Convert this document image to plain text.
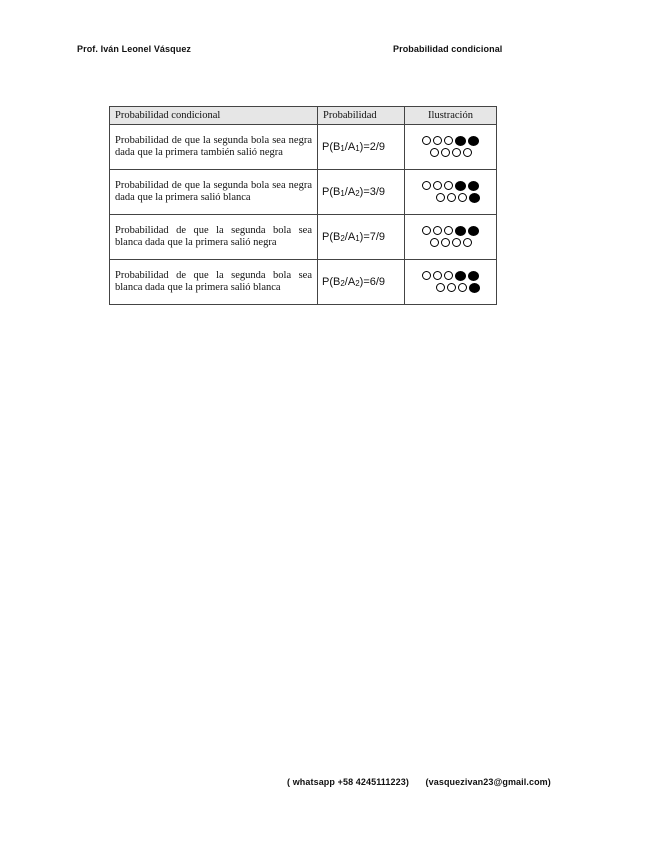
Prof. Iván Leonel Vásquez	Probabilidad condicional
Probabilidad condicional	Probabilidad	Ilustración
Probabilidad de que la segunda bola sea negra dada que la primera también salió negra	$P(B_1/A_1)=2/9$	

Probabilidad de que la segunda bola sea negra dada que la primera salió blanca	$P(B_1/A_2)=3/9$	

Probabilidad de que la segunda bola sea blanca dada que la primera salió negra	$P(B_2/A_1)=7/9$	

Probabilidad de que la segunda bola sea blanca dada que la primera salió blanca	$P(B_2/A_2)=6/9$	
( whatsapp +58 4245111223) (vasquezivan23@gmail.com)
